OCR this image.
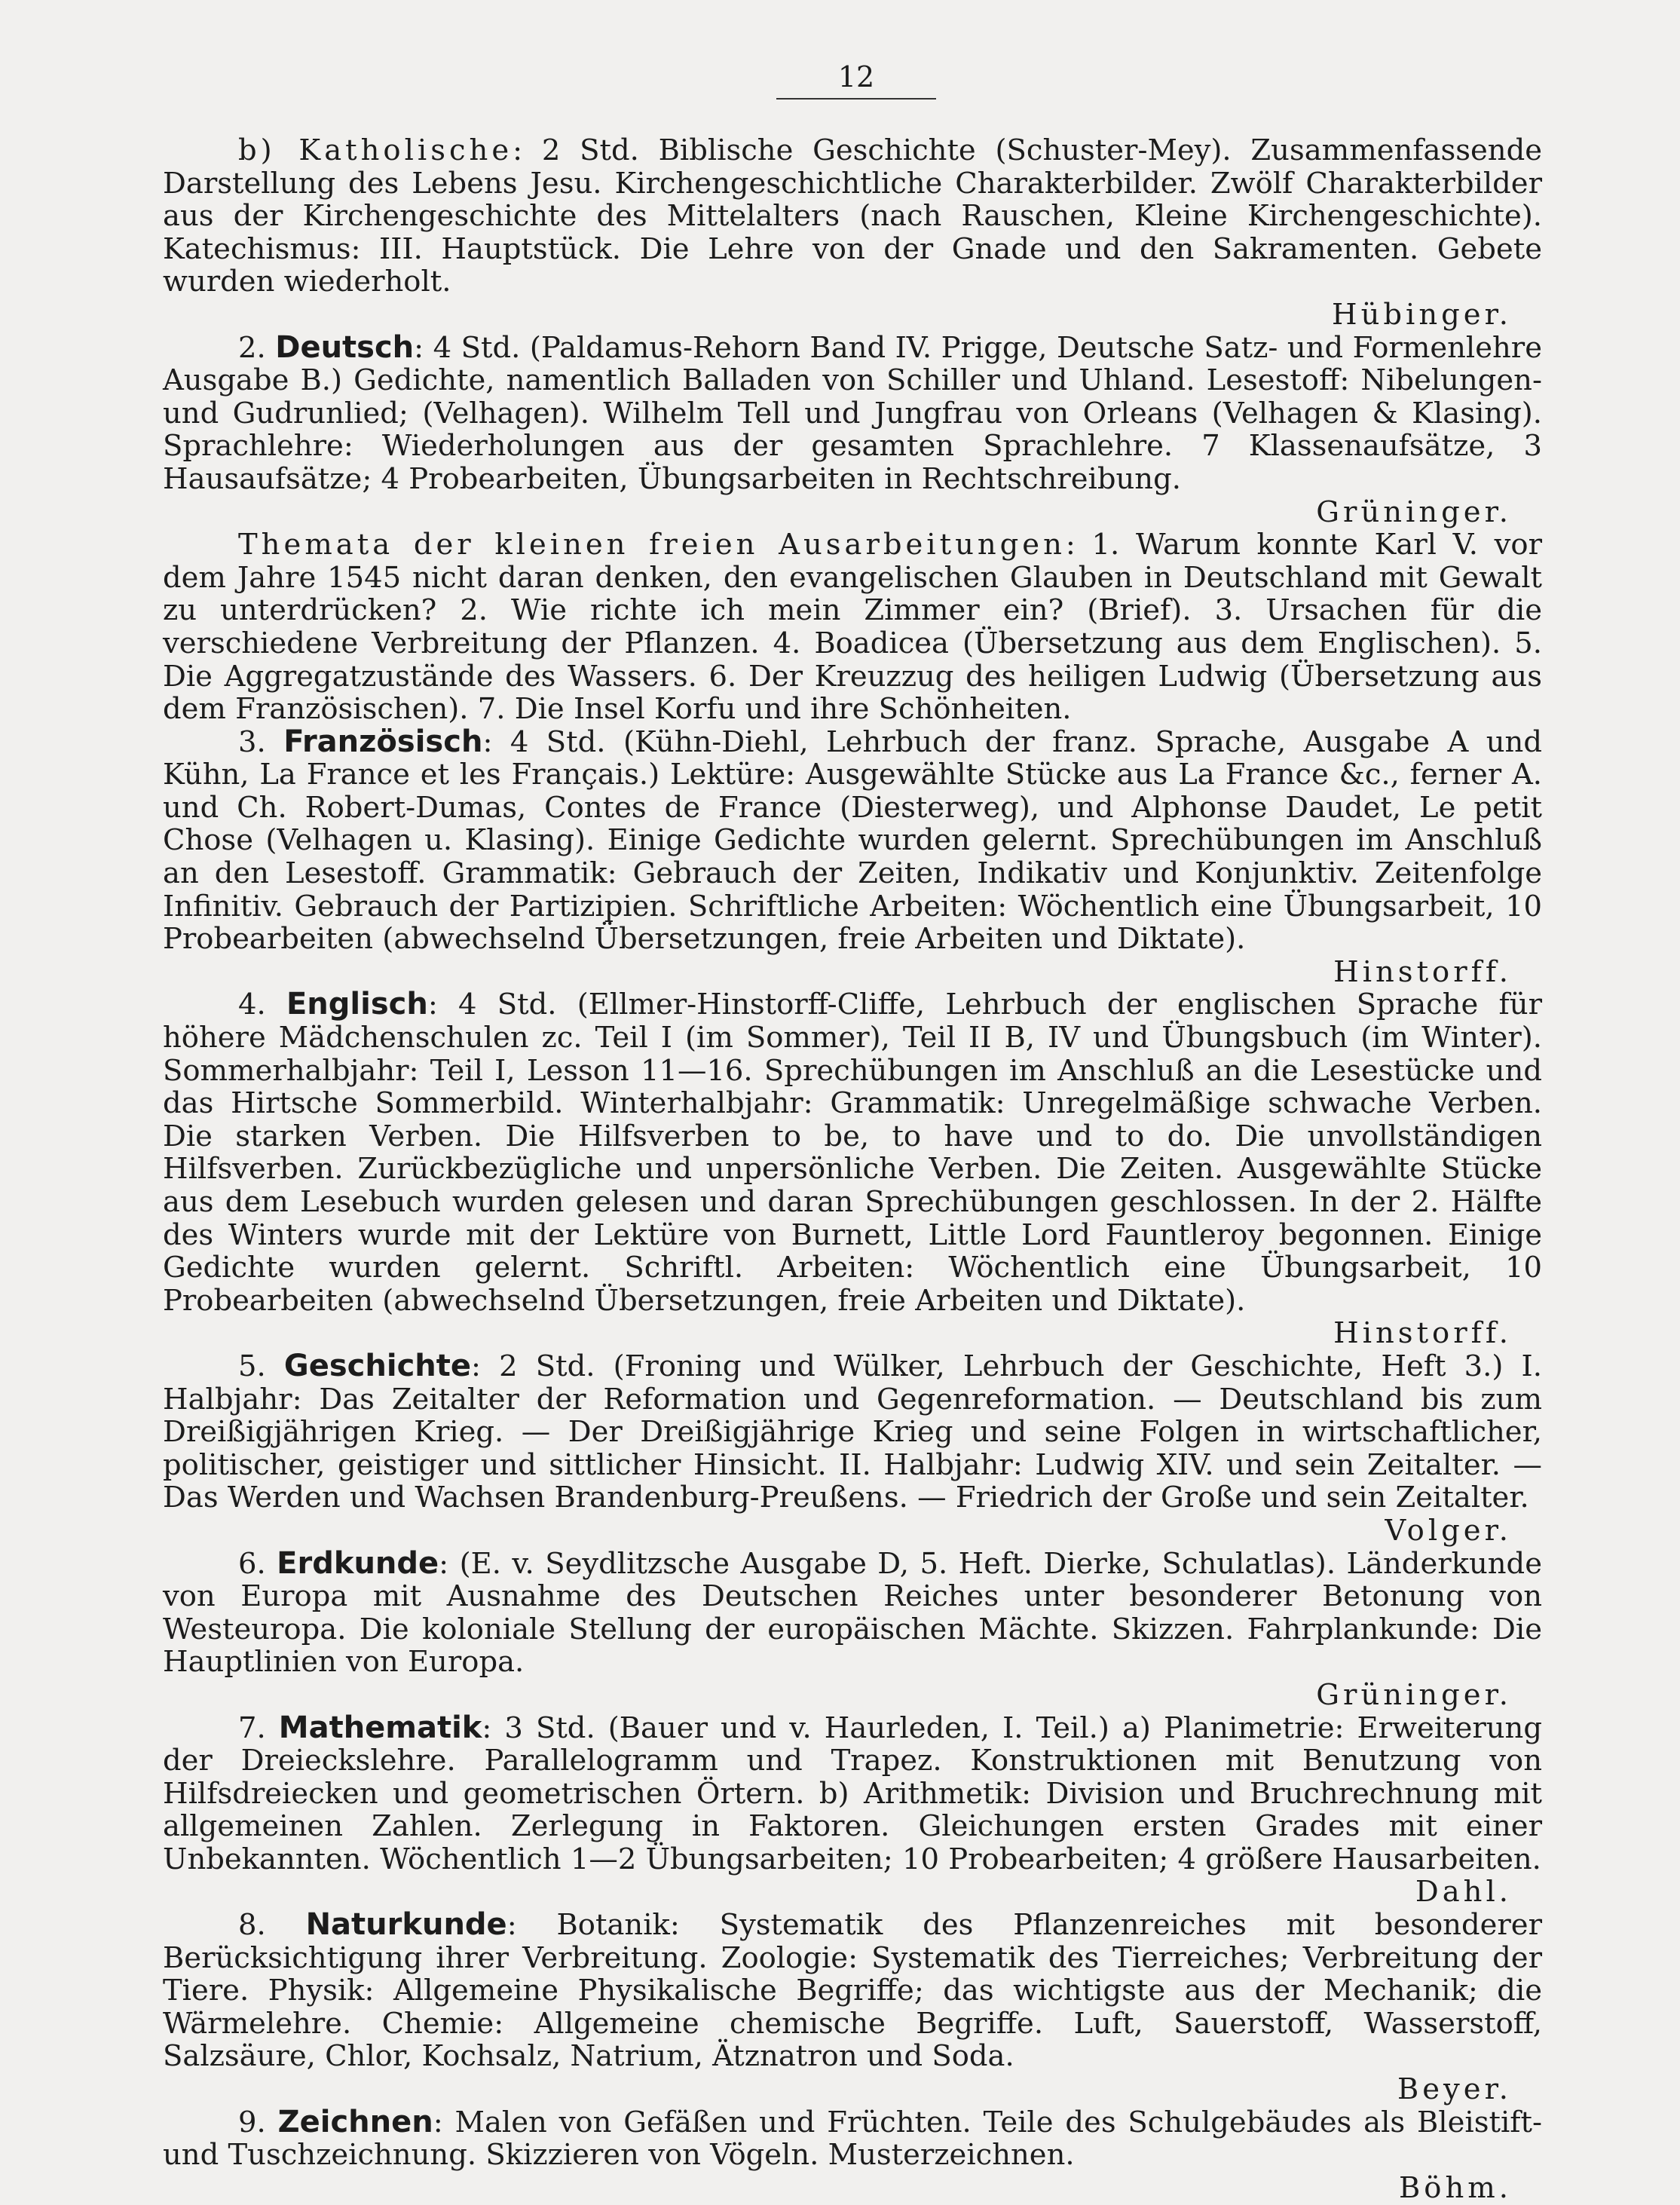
12

b) Katholische: 2 Std. Biblische Geschichte (Schuster-Mey). Zusammenfassende Darstellung des Lebens Jesu. Kirchengeschichtliche Charakterbilder. Zwölf Charakterbilder aus der Kirchengeschichte des Mittelalters (nach Rauschen, Kleine Kirchengeschichte). Katechismus: III. Hauptstück. Die Lehre von der Gnade und den Sakramenten. Gebete wurden wiederholt.
Hübinger.

2. Deutsch: 4 Std. (Paldamus-Rehorn Band IV. Prigge, Deutsche Satz- und Formenlehre Ausgabe B.) Gedichte, namentlich Balladen von Schiller und Uhland. Lesestoff: Nibelungen- und Gudrunlied; (Velhagen). Wilhelm Tell und Jungfrau von Orleans (Velhagen & Klasing). Sprachlehre: Wiederholungen aus der gesamten Sprachlehre. 7 Klassenaufsätze, 3 Hausaufsätze; 4 Probearbeiten, Übungsarbeiten in Rechtschreibung.
Grüninger.

Themata der kleinen freien Ausarbeitungen: 1. Warum konnte Karl V. vor dem Jahre 1545 nicht daran denken, den evangelischen Glauben in Deutschland mit Gewalt zu unterdrücken? 2. Wie richte ich mein Zimmer ein? (Brief). 3. Ursachen für die verschiedene Verbreitung der Pflanzen. 4. Boadicea (Übersetzung aus dem Englischen). 5. Die Aggregatzustände des Wassers. 6. Der Kreuzzug des heiligen Ludwig (Übersetzung aus dem Französischen). 7. Die Insel Korfu und ihre Schönheiten.

3. Französisch: 4 Std. (Kühn-Diehl, Lehrbuch der franz. Sprache, Ausgabe A und Kühn, La France et les Français.) Lektüre: Ausgewählte Stücke aus La France &c., ferner A. und Ch. Robert-Dumas, Contes de France (Diesterweg), und Alphonse Daudet, Le petit Chose (Velhagen u. Klasing). Einige Gedichte wurden gelernt. Sprechübungen im Anschluß an den Lesestoff. Grammatik: Gebrauch der Zeiten, Indikativ und Konjunktiv. Zeitenfolge Infinitiv. Gebrauch der Partizipien. Schriftliche Arbeiten: Wöchentlich eine Übungsarbeit, 10 Probearbeiten (abwechselnd Übersetzungen, freie Arbeiten und Diktate).
Hinstorff.

4. Englisch: 4 Std. (Ellmer-Hinstorff-Cliffe, Lehrbuch der englischen Sprache für höhere Mädchenschulen zc. Teil I (im Sommer), Teil II B, IV und Übungsbuch (im Winter). Sommerhalbjahr: Teil I, Lesson 11—16. Sprechübungen im Anschluß an die Lesestücke und das Hirtsche Sommerbild. Winterhalbjahr: Grammatik: Unregelmäßige schwache Verben. Die starken Verben. Die Hilfsverben to be, to have und to do. Die unvollständigen Hilfsverben. Zurückbezügliche und unpersönliche Verben. Die Zeiten. Ausgewählte Stücke aus dem Lesebuch wurden gelesen und daran Sprechübungen geschlossen. In der 2. Hälfte des Winters wurde mit der Lektüre von Burnett, Little Lord Fauntleroy begonnen. Einige Gedichte wurden gelernt. Schriftl. Arbeiten: Wöchentlich eine Übungsarbeit, 10 Probearbeiten (abwechselnd Übersetzungen, freie Arbeiten und Diktate).
Hinstorff.

5. Geschichte: 2 Std. (Froning und Wülker, Lehrbuch der Geschichte, Heft 3.) I. Halbjahr: Das Zeitalter der Reformation und Gegenreformation. — Deutschland bis zum Dreißigjährigen Krieg. — Der Dreißigjährige Krieg und seine Folgen in wirtschaftlicher, politischer, geistiger und sittlicher Hinsicht. II. Halbjahr: Ludwig XIV. und sein Zeitalter. — Das Werden und Wachsen Brandenburg-Preußens. — Friedrich der Große und sein Zeitalter.
Volger.

6. Erdkunde: (E. v. Seydlitzsche Ausgabe D, 5. Heft. Dierke, Schulatlas). Länderkunde von Europa mit Ausnahme des Deutschen Reiches unter besonderer Betonung von Westeuropa. Die koloniale Stellung der europäischen Mächte. Skizzen. Fahrplankunde: Die Hauptlinien von Europa.
Grüninger.

7. Mathematik: 3 Std. (Bauer und v. Haurleden, I. Teil.) a) Planimetrie: Erweiterung der Dreieckslehre. Parallelogramm und Trapez. Konstruktionen mit Benutzung von Hilfsdreiecken und geometrischen Örtern. b) Arithmetik: Division und Bruchrechnung mit allgemeinen Zahlen. Zerlegung in Faktoren. Gleichungen ersten Grades mit einer Unbekannten. Wöchentlich 1—2 Übungsarbeiten; 10 Probearbeiten; 4 größere Hausarbeiten.
Dahl.

8. Naturkunde: Botanik: Systematik des Pflanzenreiches mit besonderer Berücksichtigung ihrer Verbreitung. Zoologie: Systematik des Tierreiches; Verbreitung der Tiere. Physik: Allgemeine Physikalische Begriffe; das wichtigste aus der Mechanik; die Wärmelehre. Chemie: Allgemeine chemische Begriffe. Luft, Sauerstoff, Wasserstoff, Salzsäure, Chlor, Kochsalz, Natrium, Ätznatron und Soda.
Beyer.

9. Zeichnen: Malen von Gefäßen und Früchten. Teile des Schulgebäudes als Bleistift- und Tuschzeichnung. Skizzieren von Vögeln. Musterzeichnen.
Böhm.
